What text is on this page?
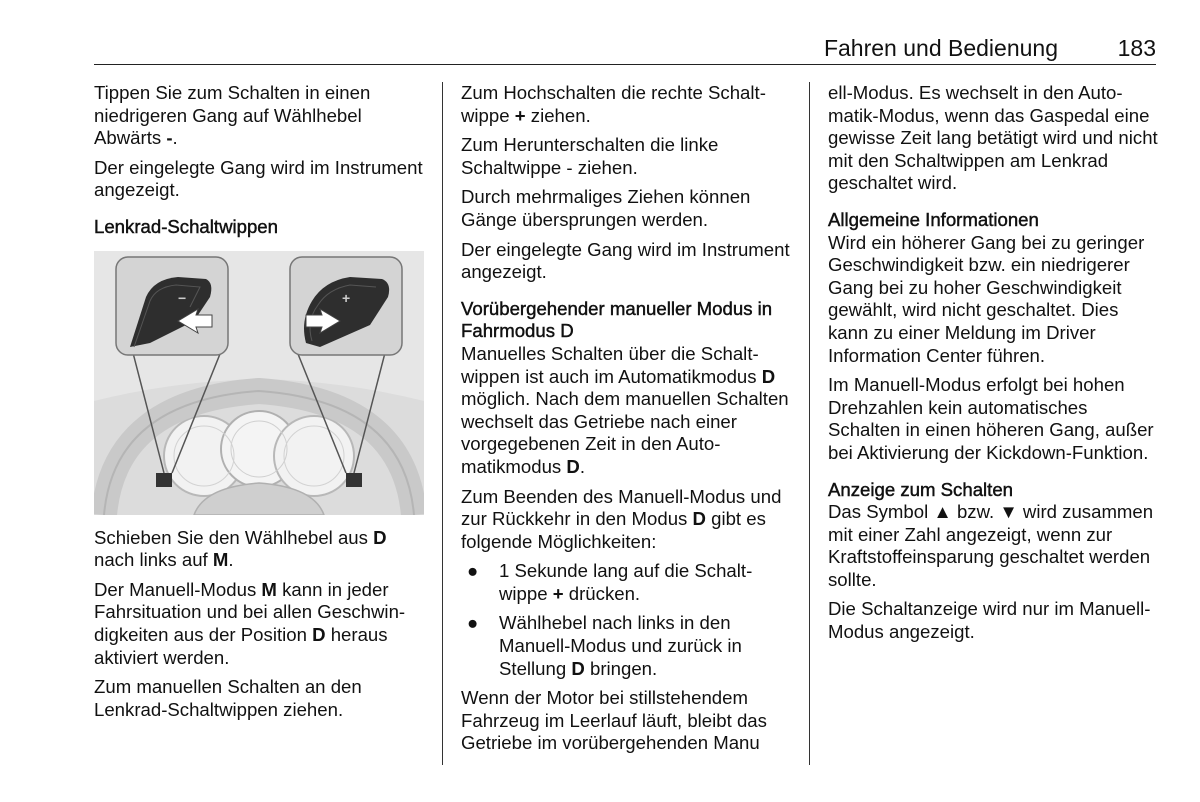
Fahren und Bedienung	183

Tippen Sie zum Schalten in einen niedrigeren Gang auf Wählhebel Abwärts -.

Der eingelegte Gang wird im Instrument angezeigt.

Lenkrad-Schaltwippen
−	+

Schieben Sie den Wählhebel aus D nach links auf M.

Der Manuell-Modus M kann in jeder Fahrsituation und bei allen Geschwindigkeiten aus der Position D heraus aktiviert werden.

Zum manuellen Schalten an den Lenkrad-Schaltwippen ziehen.

Zum Hochschalten die rechte Schaltwippe + ziehen.

Zum Herunterschalten die linke Schaltwippe - ziehen.

Durch mehrmaliges Ziehen können Gänge übersprungen werden.

Der eingelegte Gang wird im Instrument angezeigt.

Vorübergehender manueller Modus in Fahrmodus D

Manuelles Schalten über die Schaltwippen ist auch im Automatikmodus D möglich. Nach dem manuellen Schalten wechselt das Getriebe nach einer vorgegebenen Zeit in den Automatikmodus D.

Zum Beenden des Manuell-Modus und zur Rückkehr in den Modus D gibt es folgende Möglichkeiten:

● 1 Sekunde lang auf die Schaltwippe + drücken.
● Wählhebel nach links in den Manuell-Modus und zurück in Stellung D bringen.

Wenn der Motor bei stillstehendem Fahrzeug im Leerlauf läuft, bleibt das Getriebe im vorübergehenden Manu

ell-Modus. Es wechselt in den Automatik-Modus, wenn das Gaspedal eine gewisse Zeit lang betätigt wird und nicht mit den Schaltwippen am Lenkrad geschaltet wird.

Allgemeine Informationen

Wird ein höherer Gang bei zu geringer Geschwindigkeit bzw. ein niedrigerer Gang bei zu hoher Geschwindigkeit gewählt, wird nicht geschaltet. Dies kann zu einer Meldung im Driver Information Center führen.

Im Manuell-Modus erfolgt bei hohen Drehzahlen kein automatisches Schalten in einen höheren Gang, außer bei Aktivierung der Kickdown-Funktion.

Anzeige zum Schalten

Das Symbol ▲ bzw. ▼ wird zusammen mit einer Zahl angezeigt, wenn zur Kraftstoffeinsparung geschaltet werden sollte.

Die Schaltanzeige wird nur im Manuell-Modus angezeigt.
